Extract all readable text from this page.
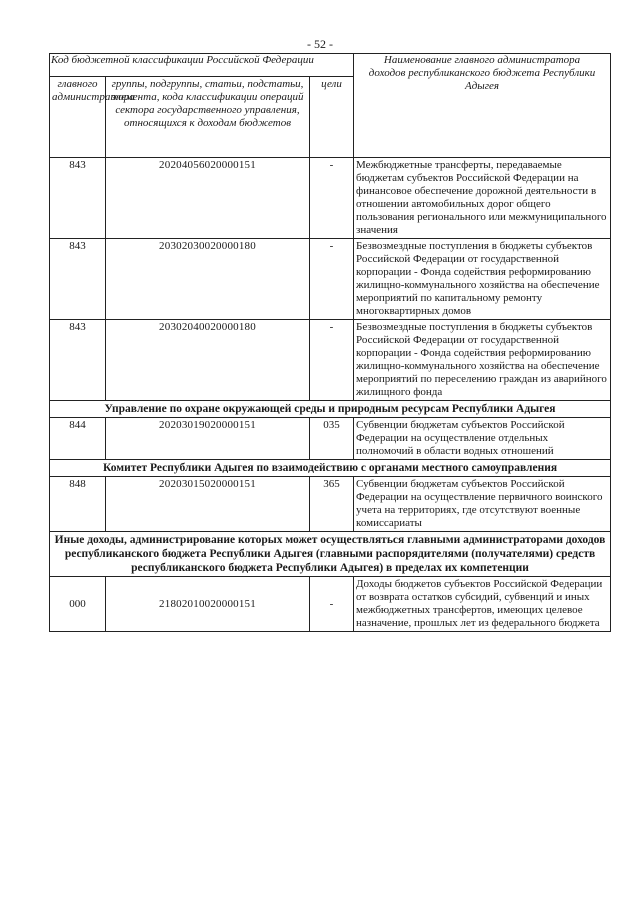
- 52 -
Код бюджетной классификации Российской Федерации			Наименование главного администратора доходов республиканского бюджета Республики Адыгея
главного администратора	группы, подгруппы, статьи, подстатьи, элемента, кода классификации операций сектора государственного управления, относящихся к доходам бюджетов	цели	
843	20204056020000151	-	Межбюджетные трансферты, передаваемые бюджетам субъектов Российской Федерации на финансовое обеспечение дорожной деятельности в отношении автомобильных дорог общего пользования регионального или межмуниципального значения
843	20302030020000180	-	Безвозмездные поступления в бюджеты субъектов Российской Федерации от государственной корпорации - Фонда содействия реформированию жилищно-коммунального хозяйства на обеспечение мероприятий по капитальному ремонту многоквартирных домов
843	20302040020000180	-	Безвозмездные поступления в бюджеты субъектов Российской Федерации от государственной корпорации - Фонда содействия реформированию жилищно-коммунального хозяйства на обеспечение мероприятий по переселению граждан из аварийного жилищного фонда
Управление по охране окружающей среды и природным ресурсам Республики Адыгея			
844	20203019020000151	035	Субвенции бюджетам субъектов Российской Федерации на осуществление отдельных полномочий в области водных отношений
Комитет Республики Адыгея по взаимодействию с органами местного самоуправления			
848	20203015020000151	365	Субвенции бюджетам субъектов Российской Федерации на осуществление первичного воинского учета на территориях, где отсутствуют военные комиссариаты
Иные доходы, администрирование которых может осуществляться главными администраторами доходов республиканского бюджета Республики Адыгея (главными распорядителями (получателями) средств республиканского бюджета Республики Адыгея) в пределах их компетенции			
000	21802010020000151	-	Доходы бюджетов субъектов Российской Федерации от возврата остатков субсидий, субвенций и иных межбюджетных трансфертов, имеющих целевое назначение, прошлых лет из федерального бюджета
